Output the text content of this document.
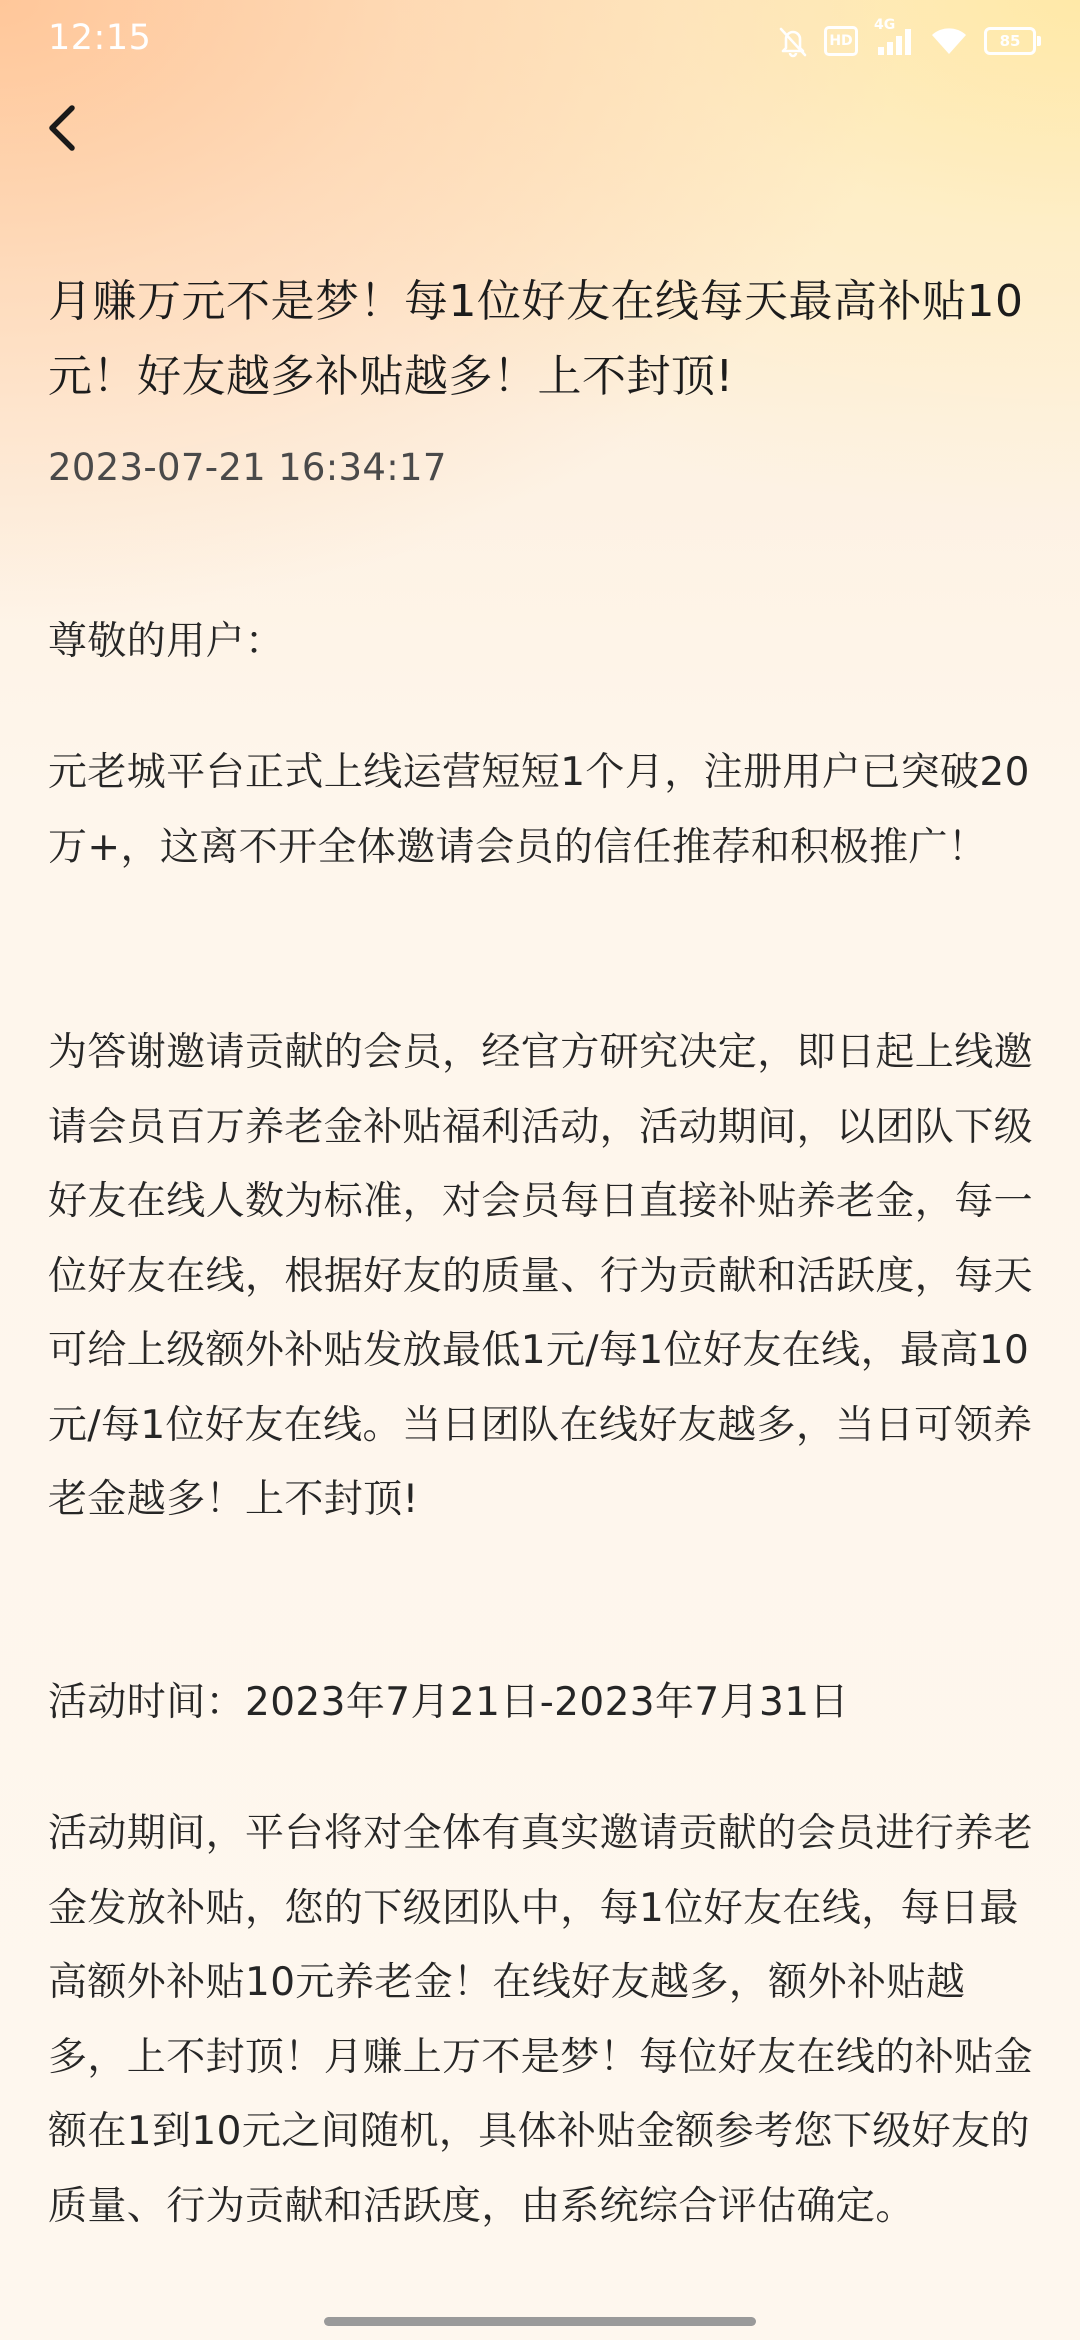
12:15	HD
4G
85
月赚万元不是梦！每1位好友在线每天最高补贴10元！好友越多补贴越多！上不封顶!
2023-07-21 16:34:17

尊敬的用户：

元老城平台正式上线运营短短1个月，注册用户已突破20万+，这离不开全体邀请会员的信任推荐和积极推广！

为答谢邀请贡献的会员，经官方研究决定，即日起上线邀请会员百万养老金补贴福利活动，活动期间，以团队下级好友在线人数为标准，对会员每日直接补贴养老金，每一位好友在线，根据好友的质量、行为贡献和活跃度，每天可给上级额外补贴发放最低1元/每1位好友在线，最高10元/每1位好友在线。当日团队在线好友越多，当日可领养老金越多！上不封顶!

活动时间：2023年7月21日-2023年7月31日

活动期间，平台将对全体有真实邀请贡献的会员进行养老金发放补贴，您的下级团队中，每1位好友在线，每日最高额外补贴10元养老金！在线好友越多，额外补贴越多，上不封顶！月赚上万不是梦！每位好友在线的补贴金额在1到10元之间随机，具体补贴金额参考您下级好友的质量、行为贡献和活跃度，由系统综合评估确定。
